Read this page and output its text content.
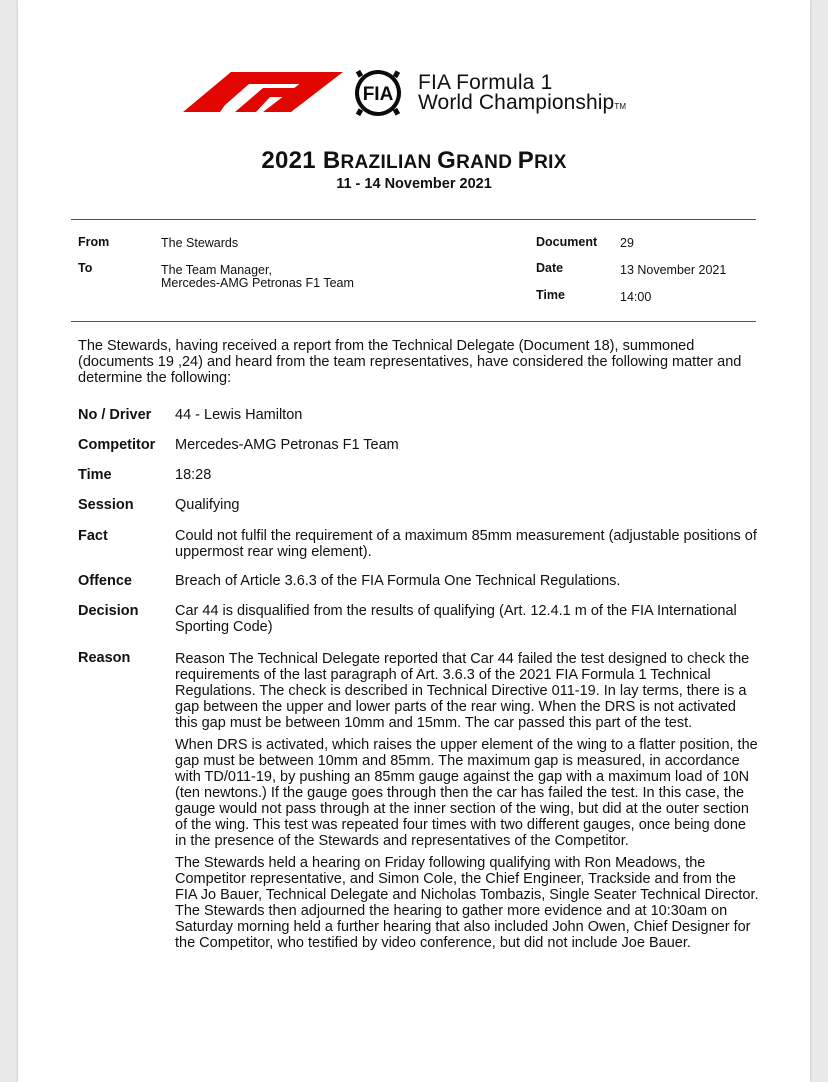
FIA
FIA Formula 1
World ChampionshipTM
2021 BRAZILIAN GRAND PRIX
11 - 14 November 2021
From	The Stewards
To	The Team Manager,
Mercedes-AMG Petronas F1 Team
Document 29
Date	13 November 2021
Time	14:00
The Stewards, having received a report from the Technical Delegate (Document 18), summoned (documents 19 ,24) and heard from the team representatives, have considered the following matter and determine the following:
No / Driver 44 - Lewis Hamilton
Competitor Mercedes-AMG Petronas F1 Team
Time	18:28
Session	Qualifying
Fact	Could not fulfil the requirement of a maximum 85mm measurement (adjustable positions of uppermost rear wing element).
Offence	Breach of Article 3.6.3 of the FIA Formula One Technical Regulations.
Decision	Car 44 is disqualified from the results of qualifying (Art. 12.4.1 m of the FIA International Sporting Code)
Reason	Reason The Technical Delegate reported that Car 44 failed the test designed to check the requirements of the last paragraph of Art. 3.6.3 of the 2021 FIA Formula 1 Technical Regulations. The check is described in Technical Directive 011-19. In lay terms, there is a gap between the upper and lower parts of the rear wing. When the DRS is not activated this gap must be between 10mm and 15mm. The car passed this part of the test.

When DRS is activated, which raises the upper element of the wing to a flatter position, the gap must be between 10mm and 85mm. The maximum gap is measured, in accordance with TD/011-19, by pushing an 85mm gauge against the gap with a maximum load of 10N (ten newtons.) If the gauge goes through then the car has failed the test. In this case, the gauge would not pass through at the inner section of the wing, but did at the outer section of the wing. This test was repeated four times with two different gauges, once being done in the presence of the Stewards and representatives of the Competitor.

The Stewards held a hearing on Friday following qualifying with Ron Meadows, the Competitor representative, and Simon Cole, the Chief Engineer, Trackside and from the FIA Jo Bauer, Technical Delegate and Nicholas Tombazis, Single Seater Technical Director. The Stewards then adjourned the hearing to gather more evidence and at 10:30am on Saturday morning held a further hearing that also included John Owen, Chief Designer for the Competitor, who testified by video conference, but did not include Joe Bauer.
